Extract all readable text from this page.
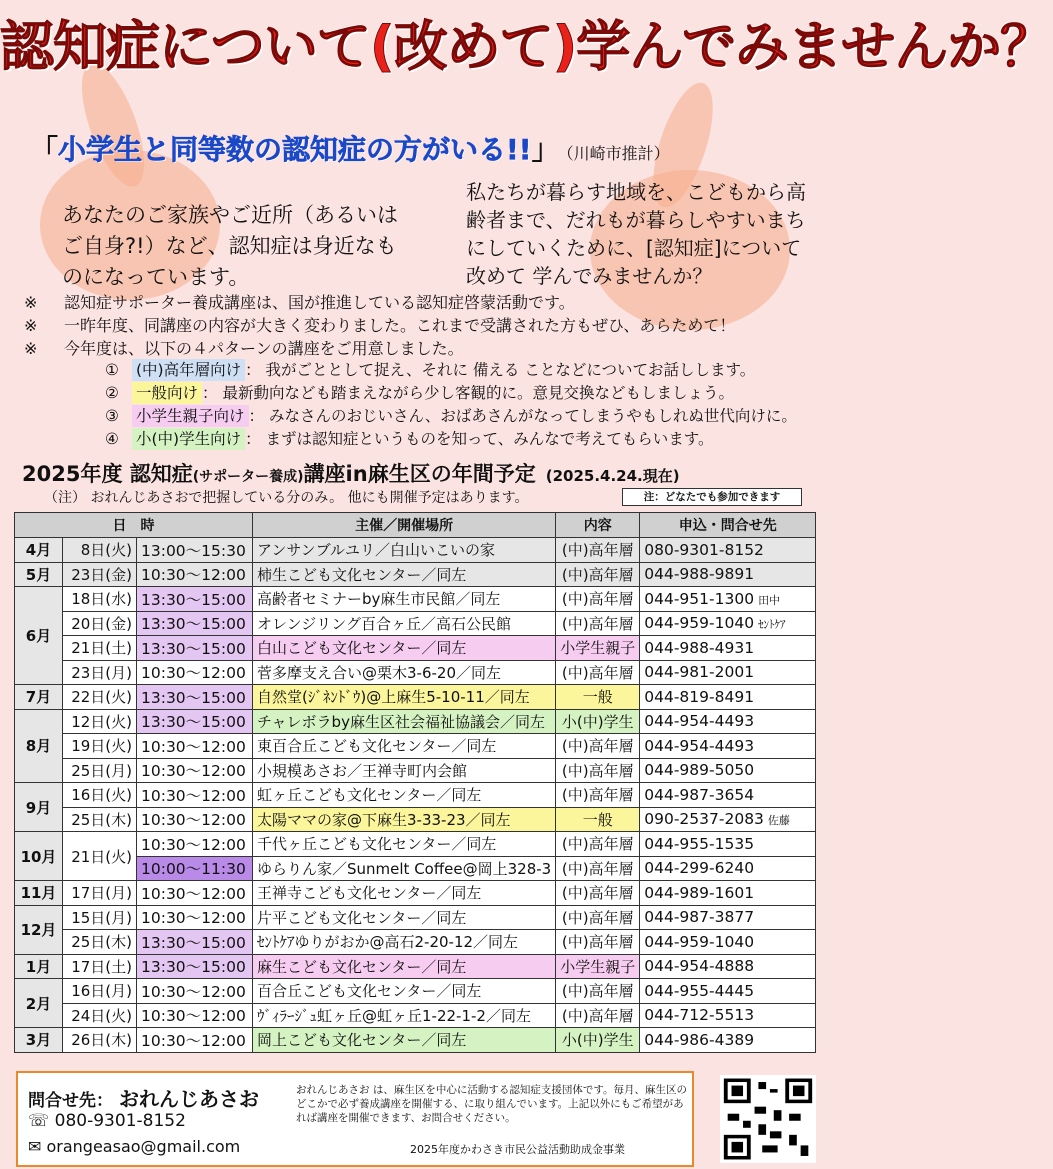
認知症について(改めて)学んでみませんか？
「小学生と同等数の認知症の方がいる!!」 （川崎市推計）
あなたのご家族やご近所（あるいはご自身?!）など、認知症は身近なものになっています。
私たちが暮らす地域を、こどもから高齢者まで、だれもが暮らしやすいまちにしていくために、[認知症]について 改めて 学んでみませんか？
※ 認知症サポーター養成講座は、国が推進している認知症啓蒙活動です。
※ 一昨年度、同講座の内容が大きく変わりました。これまで受講された方もぜひ、あらためて！
※ 今年度は、以下の４パターンの講座をご用意しました。
① (中)高年層向け ： 我がごととして捉え、それに 備える ことなどについてお話しします。
② 一般向け ： 最新動向なども踏まえながら少し客観的に。意見交換などもしましょう。
③ 小学生親子向け ： みなさんのおじいさん、おばあさんがなってしまうやもしれぬ世代向けに。
④ 小(中)学生向け ： まずは認知症というものを知って、みんなで考えてもらいます。
2025年度 認知症(サポーター養成)講座in麻生区の年間予定 (2025.4.24.現在)
（注） おれんじあさおで把握している分のみ。 他にも開催予定はあります。	注：どなたでも参加できます
日　時			主催／開催場所	内容	申込・問合せ先
4月	8日(火)	13:00～15:30	アンサンブルユリ／白山いこいの家	(中)高年層	080-9301-8152
5月	23日(金)	10:30～12:00	柿生こども文化センター／同左	(中)高年層	044-988-9891
6月	18日(水)	13:30～15:00	高齢者セミナーby麻生市民館／同左	(中)高年層	044-951-1300 田中
	20日(金)	13:30～15:00	オレンジリング百合ヶ丘／高石公民館	(中)高年層	044-959-1040 ｾﾝﾄｹｱ
	21日(土)	13:30～15:00	白山こども文化センター／同左	小学生親子	044-988-4931
	23日(月)	10:30～12:00	菅多摩支え合い@栗木3-6-20／同左	(中)高年層	044-981-2001
7月	22日(火)	13:30～15:00	自然堂(ｼﾞﾈﾝﾄﾞｳ)@上麻生5-10-11／同左	一般	044-819-8491
8月	12日(火)	13:30～15:00	チャレボラby麻生区社会福祉協議会／同左	小(中)学生	044-954-4493
	19日(火)	10:30～12:00	東百合丘こども文化センター／同左	(中)高年層	044-954-4493
	25日(月)	10:30～12:00	小規模あさお／王禅寺町内会館	(中)高年層	044-989-5050
9月	16日(火)	10:30～12:00	虹ヶ丘こども文化センター／同左	(中)高年層	044-987-3654
	25日(木)	10:30～12:00	太陽ママの家@下麻生3-33-23／同左	一般	090-2537-2083 佐藤
10月	21日(火)	10:30～12:00	千代ヶ丘こども文化センター／同左	(中)高年層	044-955-1535
		10:00～11:30	ゆらりん家／Sunmelt Coffee@岡上328-3	(中)高年層	044-299-6240
11月	17日(月)	10:30～12:00	王禅寺こども文化センター／同左	(中)高年層	044-989-1601
12月	15日(月)	10:30～12:00	片平こども文化センター／同左	(中)高年層	044-987-3877
	25日(木)	13:30～15:00	ｾﾝﾄｹｱゆりがおか@高石2-20-12／同左	(中)高年層	044-959-1040
1月	17日(土)	13:30～15:00	麻生こども文化センター／同左	小学生親子	044-954-4888
2月	16日(月)	10:30～12:00	百合丘こども文化センター／同左	(中)高年層	044-955-4445
	24日(火)	10:30～12:00	ｳﾞｨﾗｰｼﾞｭ虹ヶ丘@虹ヶ丘1-22-1-2／同左	(中)高年層	044-712-5513
3月	26日(木)	10:30～12:00	岡上こども文化センター／同左	小(中)学生	044-986-4389
問合せ先： おれんじあさお
☏ 080-9301-8152
✉ orangeasao@gmail.com
おれんじあさお は、麻生区を中心に活動する認知症支援団体です。毎月、麻生区のどこかで必ず養成講座を開催する、に取り組んでいます。上記以外にもご希望があれば講座を開催できます、お問合せください。
2025年度かわさき市民公益活動助成金事業
